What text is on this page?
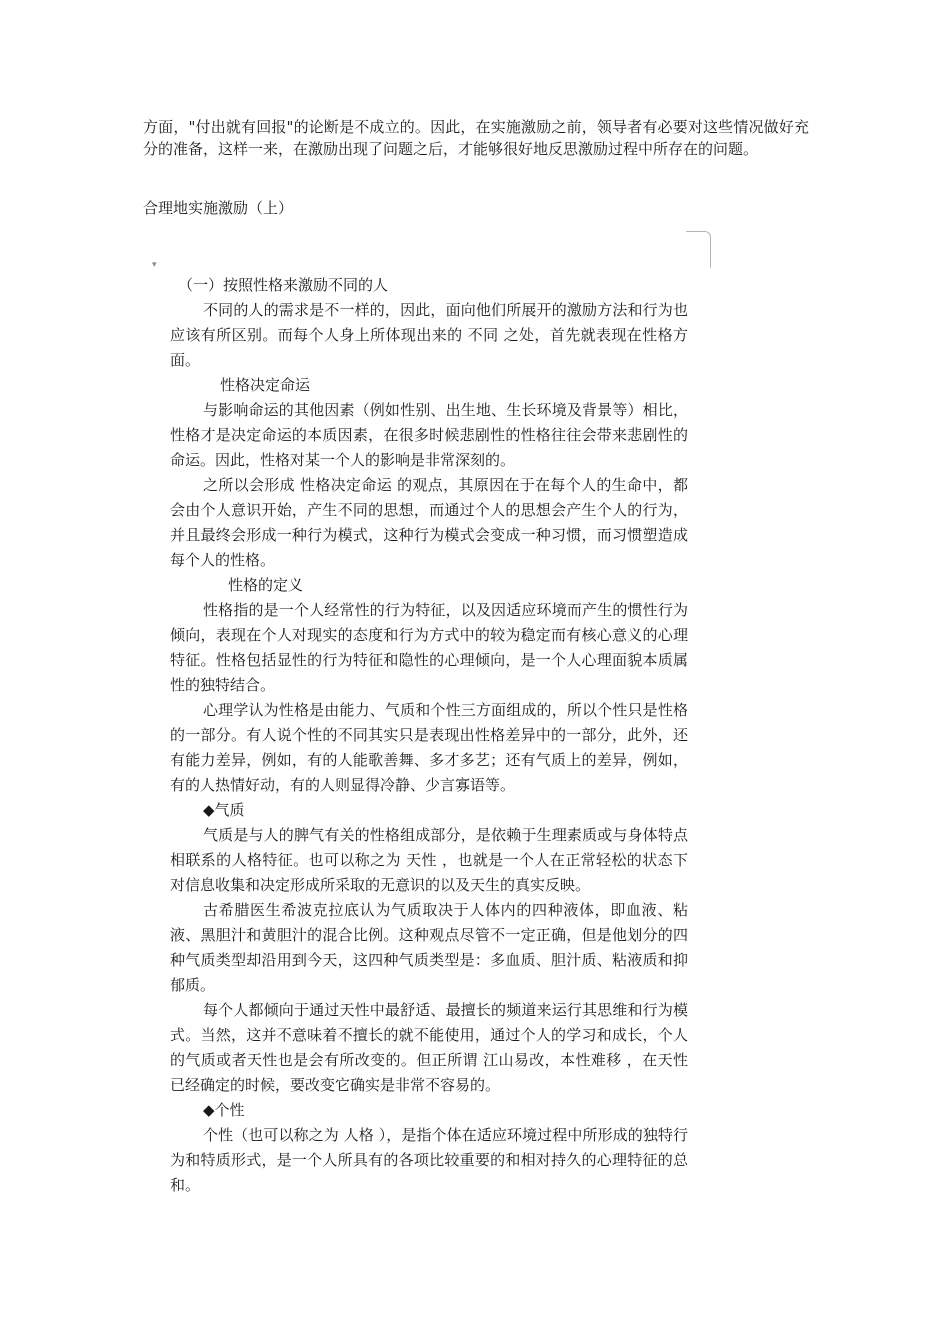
方面，"付出就有回报"的论断是不成立的。因此，在实施激励之前，领导者有必要对这些情况做好充分的准备，这样一来，在激励出现了问题之后，才能够很好地反思激励过程中所存在的问题。

合理地实施激励（上）

▾

（一）按照性格来激励不同的人

不同的人的需求是不一样的，因此，面向他们所展开的激励方法和行为也应该有所区别。而每个人身上所体现出来的 不同 之处，首先就表现在性格方面。

性格决定命运

与影响命运的其他因素（例如性别、出生地、生长环境及背景等）相比，性格才是决定命运的本质因素，在很多时候悲剧性的性格往往会带来悲剧性的命运。因此，性格对某一个人的影响是非常深刻的。

之所以会形成 性格决定命运 的观点，其原因在于在每个人的生命中，都会由个人意识开始，产生不同的思想，而通过个人的思想会产生个人的行为，并且最终会形成一种行为模式，这种行为模式会变成一种习惯，而习惯塑造成每个人的性格。

性格的定义

性格指的是一个人经常性的行为特征，以及因适应环境而产生的惯性行为倾向，表现在个人对现实的态度和行为方式中的较为稳定而有核心意义的心理特征。性格包括显性的行为特征和隐性的心理倾向，是一个人心理面貌本质属性的独特结合。

心理学认为性格是由能力、气质和个性三方面组成的，所以个性只是性格的一部分。有人说个性的不同其实只是表现出性格差异中的一部分，此外，还有能力差异，例如，有的人能歌善舞、多才多艺；还有气质上的差异，例如，有的人热情好动，有的人则显得冷静、少言寡语等。

◆气质

气质是与人的脾气有关的性格组成部分，是依赖于生理素质或与身体特点相联系的人格特征。也可以称之为 天性 ，也就是一个人在正常轻松的状态下对信息收集和决定形成所采取的无意识的以及天生的真实反映。

古希腊医生希波克拉底认为气质取决于人体内的四种液体，即血液、粘液、黑胆汁和黄胆汁的混合比例。这种观点尽管不一定正确，但是他划分的四种气质类型却沿用到今天，这四种气质类型是：多血质、胆汁质、粘液质和抑郁质。

每个人都倾向于通过天性中最舒适、最擅长的频道来运行其思维和行为模式。当然，这并不意味着不擅长的就不能使用，通过个人的学习和成长，个人的气质或者天性也是会有所改变的。但正所谓 江山易改，本性难移 ，在天性已经确定的时候，要改变它确实是非常不容易的。

◆个性

个性（也可以称之为 人格 ），是指个体在适应环境过程中所形成的独特行为和特质形式，是一个人所具有的各项比较重要的和相对持久的心理特征的总和。
